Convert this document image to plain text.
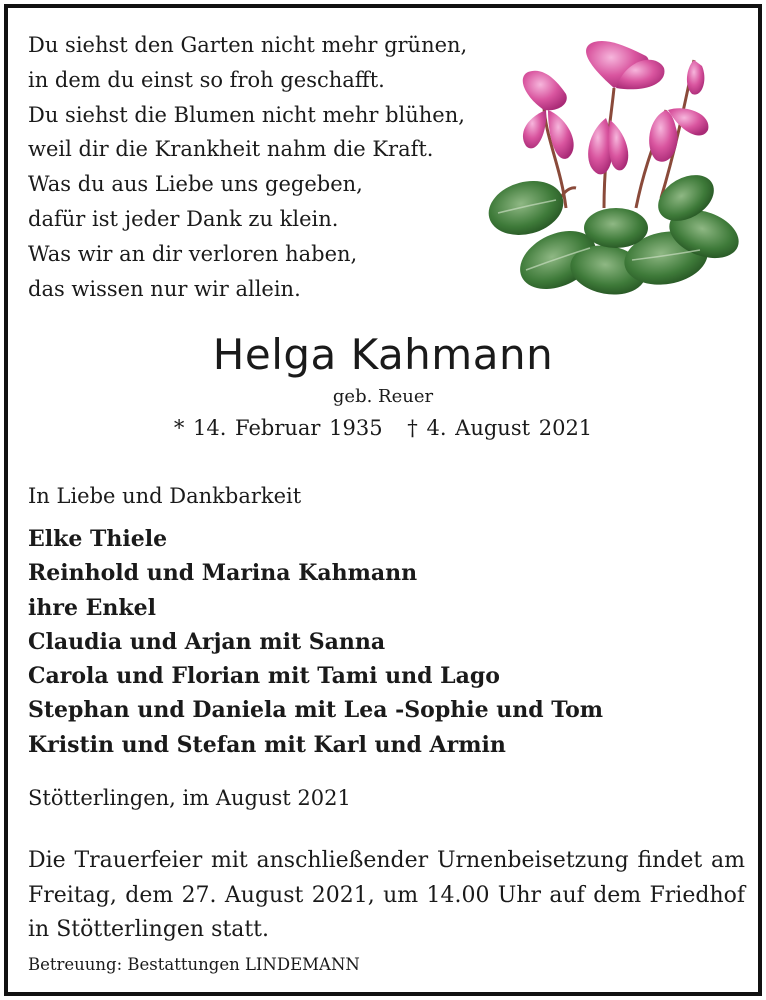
Du siehst den Garten nicht mehr grünen,
in dem du einst so froh geschafft.
Du siehst die Blumen nicht mehr blühen,
weil dir die Krankheit nahm die Kraft.
Was du aus Liebe uns gegeben,
dafür ist jeder Dank zu klein.
Was wir an dir verloren haben,
das wissen nur wir allein.
Helga Kahmann
geb. Reuer
* 14. Februar 1935 † 4. August 2021
In Liebe und Dankbarkeit
Elke Thiele
Reinhold und Marina Kahmann
ihre Enkel
Claudia und Arjan mit Sanna
Carola und Florian mit Tami und Lago
Stephan und Daniela mit Lea -Sophie und Tom
Kristin und Stefan mit Karl und Armin
Stötterlingen, im August 2021
Die Trauerfeier mit anschließender Urnenbeisetzung findet am Freitag, dem 27. August 2021, um 14.00 Uhr auf dem Friedhof in Stötterlingen statt.
Betreuung: Bestattungen LINDEMANN
